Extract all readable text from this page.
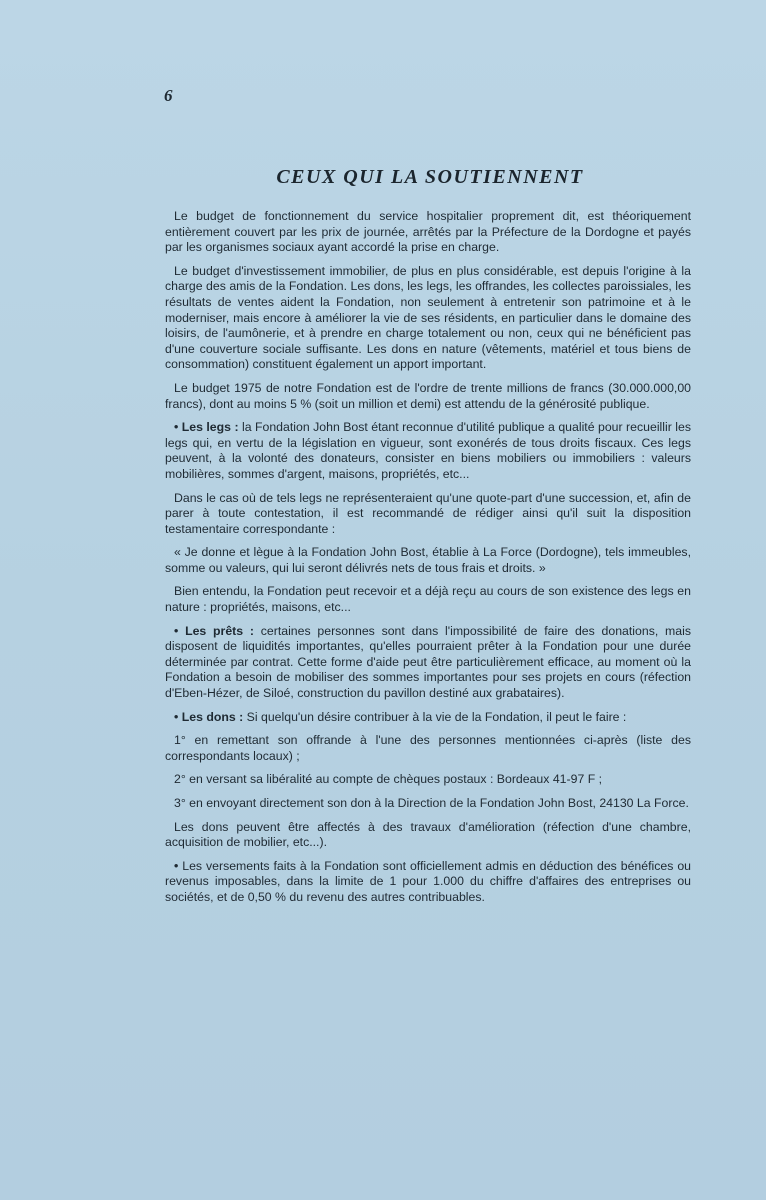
6
CEUX QUI LA SOUTIENNENT

Le budget de fonctionnement du service hospitalier proprement dit, est théoriquement entièrement couvert par les prix de journée, arrêtés par la Préfecture de la Dordogne et payés par les organismes sociaux ayant accordé la prise en charge.

Le budget d'investissement immobilier, de plus en plus considérable, est depuis l'origine à la charge des amis de la Fondation. Les dons, les legs, les offrandes, les collectes paroissiales, les résultats de ventes aident la Fondation, non seulement à entretenir son patrimoine et à le moderniser, mais encore à améliorer la vie de ses résidents, en particulier dans le domaine des loisirs, de l'aumônerie, et à prendre en charge totalement ou non, ceux qui ne bénéficient pas d'une couverture sociale suffisante. Les dons en nature (vêtements, matériel et tous biens de consommation) constituent également un apport important.

Le budget 1975 de notre Fondation est de l'ordre de trente millions de francs (30.000.000,00 francs), dont au moins 5 % (soit un million et demi) est attendu de la générosité publique.

• Les legs : la Fondation John Bost étant reconnue d'utilité publique a qualité pour recueillir les legs qui, en vertu de la législation en vigueur, sont exonérés de tous droits fiscaux. Ces legs peuvent, à la volonté des donateurs, consister en biens mobiliers ou immobiliers : valeurs mobilières, sommes d'argent, maisons, propriétés, etc...

Dans le cas où de tels legs ne représenteraient qu'une quote-part d'une succession, et, afin de parer à toute contestation, il est recommandé de rédiger ainsi qu'il suit la disposition testamentaire correspondante :

« Je donne et lègue à la Fondation John Bost, établie à La Force (Dordogne), tels immeubles, somme ou valeurs, qui lui seront délivrés nets de tous frais et droits. »

Bien entendu, la Fondation peut recevoir et a déjà reçu au cours de son existence des legs en nature : propriétés, maisons, etc...

• Les prêts : certaines personnes sont dans l'impossibilité de faire des donations, mais disposent de liquidités importantes, qu'elles pourraient prêter à la Fondation pour une durée déterminée par contrat. Cette forme d'aide peut être particulièrement efficace, au moment où la Fondation a besoin de mobiliser des sommes importantes pour ses projets en cours (réfection d'Eben-Hézer, de Siloé, construction du pavillon destiné aux grabataires).

• Les dons : Si quelqu'un désire contribuer à la vie de la Fondation, il peut le faire :

1° en remettant son offrande à l'une des personnes mentionnées ci-après (liste des correspondants locaux) ;

2° en versant sa libéralité au compte de chèques postaux : Bordeaux 41-97 F ;

3° en envoyant directement son don à la Direction de la Fondation John Bost, 24130 La Force.

Les dons peuvent être affectés à des travaux d'amélioration (réfection d'une chambre, acquisition de mobilier, etc...).

• Les versements faits à la Fondation sont officiellement admis en déduction des bénéfices ou revenus imposables, dans la limite de 1 pour 1.000 du chiffre d'affaires des entreprises ou sociétés, et de 0,50 % du revenu des autres contribuables.
